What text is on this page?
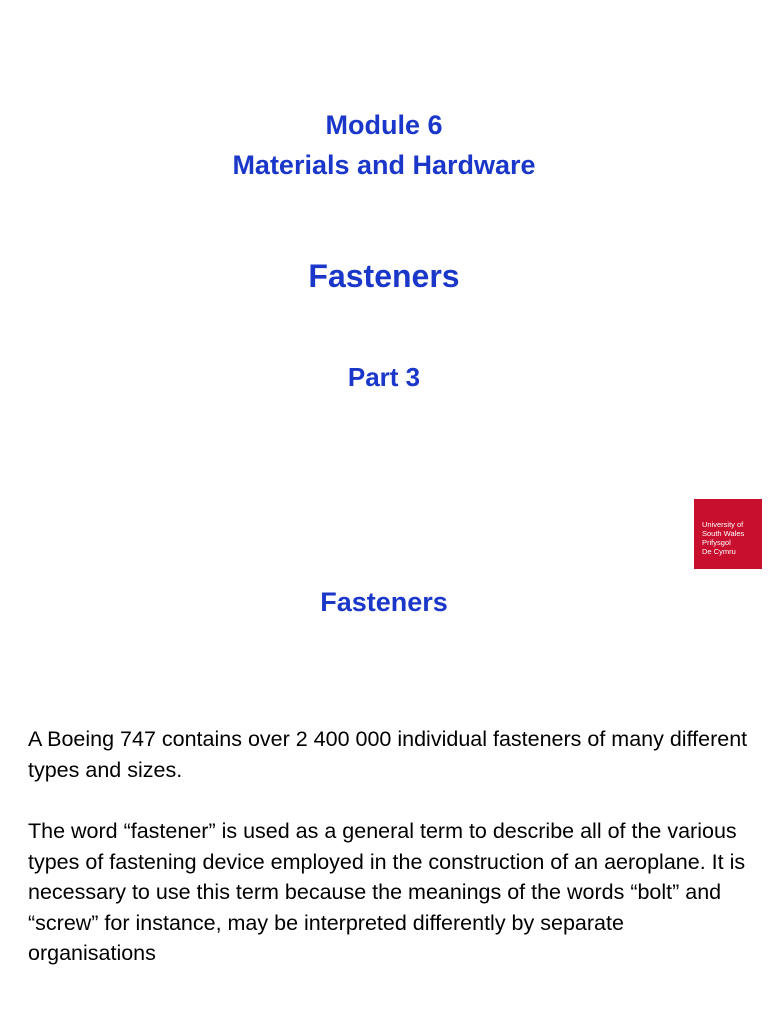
Module 6
Materials and Hardware
Fasteners
Part 3
University of
South Wales
Prifysgol
De Cymru
Fasteners
A Boeing 747 contains over 2 400 000 individual fasteners of many different types and sizes.
The word “fastener” is used as a general term to describe all of the various types of fastening device employed in the construction of an aeroplane. It is necessary to use this term because the meanings of the words “bolt” and “screw” for instance, may be interpreted differently by separate organisations
